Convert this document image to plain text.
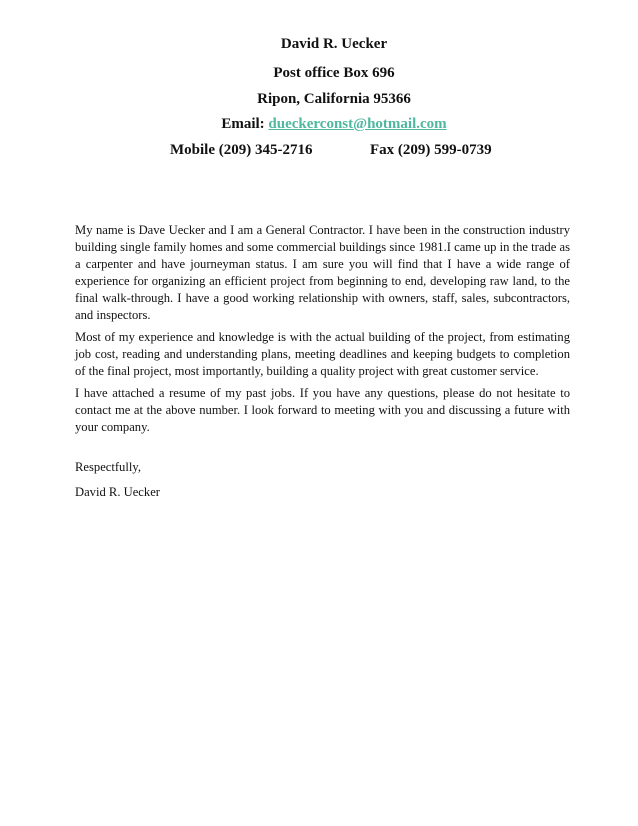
David R. Uecker
Post office Box 696
Ripon, California 95366
Email: dueckerconst@hotmail.com
Mobile (209) 345-2716	Fax (209) 599-0739

My name is Dave Uecker and I am a General Contractor. I have been in the construction industry building single family homes and some commercial buildings since 1981.I came up in the trade as a carpenter and have journeyman status. I am sure you will find that I have a wide range of experience for organizing an efficient project from beginning to end, developing raw land, to the final walk-through. I have a good working relationship with owners, staff, sales, subcontractors, and inspectors.

Most of my experience and knowledge is with the actual building of the project, from estimating job cost, reading and understanding plans, meeting deadlines and keeping budgets to completion of the final project, most importantly, building a quality project with great customer service.

I have attached a resume of my past jobs. If you have any questions, please do not hesitate to contact me at the above number. I look forward to meeting with you and discussing a future with your company.

Respectfully,
David R. Uecker
